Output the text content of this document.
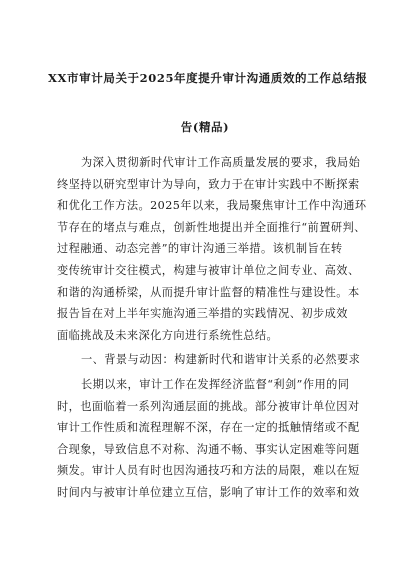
XX市审计局关于2025年度提升审计沟通质效的工作总结报
告(精品)
为深入贯彻新时代审计工作高质量发展的要求，我局始
终坚持以研究型审计为导向，致力于在审计实践中不断探索
和优化工作方法。2025年以来，我局聚焦审计工作中沟通环
节存在的堵点与难点，创新性地提出并全面推行“前置研判、
过程融通、动态完善”的审计沟通三举措。该机制旨在转
变传统审计交往模式，构建与被审计单位之间专业、高效、
和谐的沟通桥梁，从而提升审计监督的精准性与建设性。本
报告旨在对上半年实施沟通三举措的实践情况、初步成效
面临挑战及未来深化方向进行系统性总结。
一、背景与动因：构建新时代和谐审计关系的必然要求
长期以来，审计工作在发挥经济监督“利剑”作用的同
时，也面临着一系列沟通层面的挑战。部分被审计单位因对
审计工作性质和流程理解不深，存在一定的抵触情绪或不配
合现象，导致信息不对称、沟通不畅、事实认定困难等问题
频发。审计人员有时也因沟通技巧和方法的局限，难以在短
时间内与被审计单位建立互信，影响了审计工作的效率和效
